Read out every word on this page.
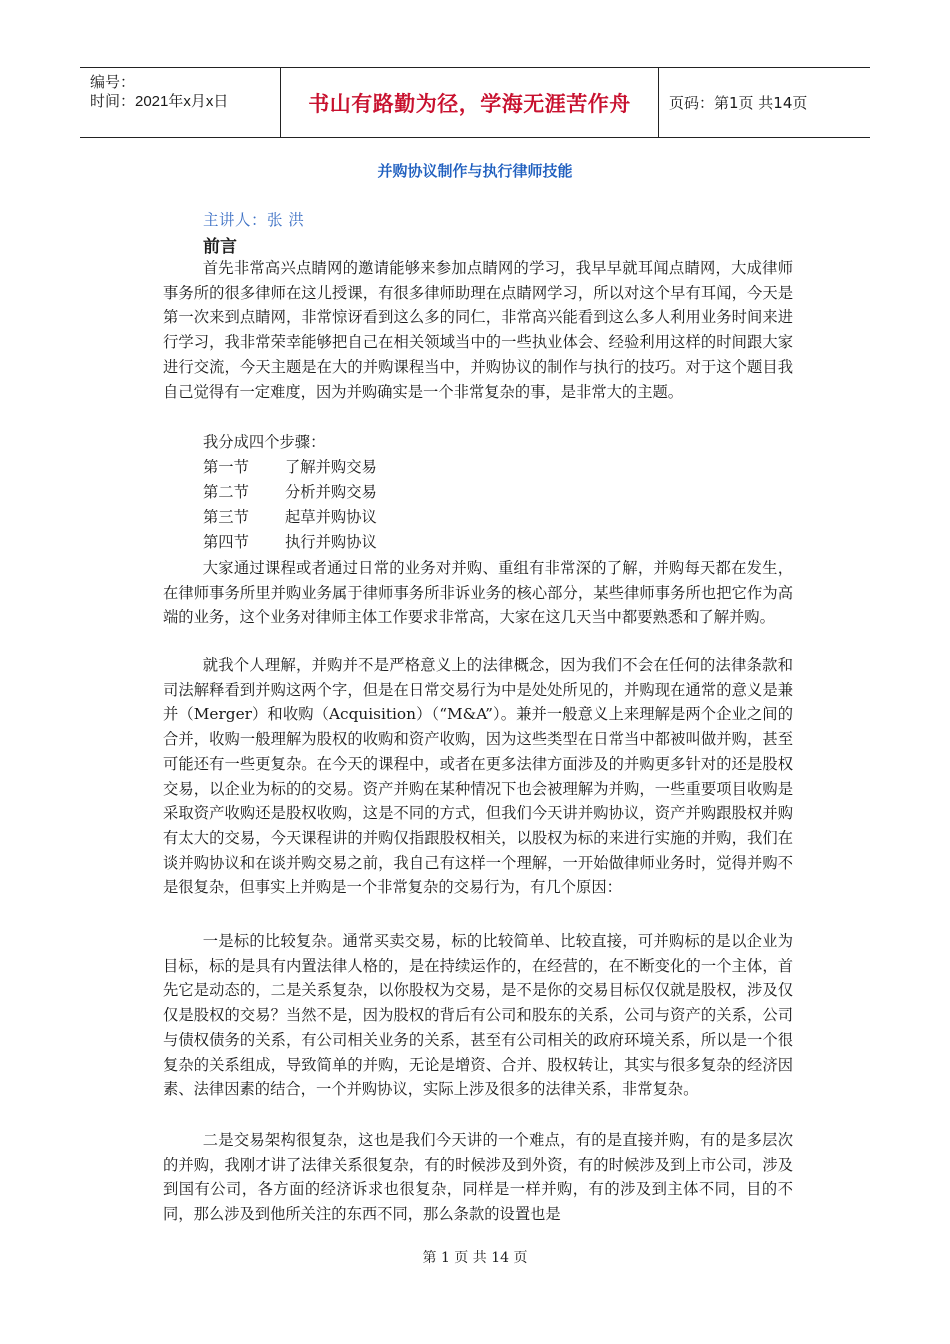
编号：
时间：2021年x月x日	书山有路勤为径，学海无涯苦作舟	页码：第1页 共14页
并购协议制作与执行律师技能
主讲人：张 洪
前言

首先非常高兴点睛网的邀请能够来参加点睛网的学习，我早早就耳闻点睛网，大成律师事务所的很多律师在这儿授课，有很多律师助理在点睛网学习，所以对这个早有耳闻，今天是第一次来到点睛网，非常惊讶看到这么多的同仁，非常高兴能看到这么多人利用业务时间来进行学习，我非常荣幸能够把自己在相关领域当中的一些执业体会、经验利用这样的时间跟大家进行交流，今天主题是在大的并购课程当中，并购协议的制作与执行的技巧。对于这个题目我自己觉得有一定难度，因为并购确实是一个非常复杂的事，是非常大的主题。

我分成四个步骤：
第一节 了解并购交易
第二节 分析并购交易
第三节 起草并购协议
第四节 执行并购协议

大家通过课程或者通过日常的业务对并购、重组有非常深的了解，并购每天都在发生，在律师事务所里并购业务属于律师事务所非诉业务的核心部分，某些律师事务所也把它作为高端的业务，这个业务对律师主体工作要求非常高，大家在这几天当中都要熟悉和了解并购。

就我个人理解，并购并不是严格意义上的法律概念，因为我们不会在任何的法律条款和司法解释看到并购这两个字，但是在日常交易行为中是处处所见的，并购现在通常的意义是兼并（Merger）和收购（Acquisition）（“M&A”）。兼并一般意义上来理解是两个企业之间的合并，收购一般理解为股权的收购和资产收购，因为这些类型在日常当中都被叫做并购，甚至可能还有一些更复杂。在今天的课程中，或者在更多法律方面涉及的并购更多针对的还是股权交易，以企业为标的的交易。资产并购在某种情况下也会被理解为并购，一些重要项目收购是采取资产收购还是股权收购，这是不同的方式，但我们今天讲并购协议，资产并购跟股权并购有太大的交易，今天课程讲的并购仅指跟股权相关，以股权为标的来进行实施的并购，我们在谈并购协议和在谈并购交易之前，我自己有这样一个理解，一开始做律师业务时，觉得并购不是很复杂，但事实上并购是一个非常复杂的交易行为，有几个原因：

一是标的比较复杂。通常买卖交易，标的比较简单、比较直接，可并购标的是以企业为目标，标的是具有内置法律人格的，是在持续运作的，在经营的，在不断变化的一个主体，首先它是动态的，二是关系复杂，以你股权为交易，是不是你的交易目标仅仅就是股权，涉及仅仅是股权的交易？当然不是，因为股权的背后有公司和股东的关系，公司与资产的关系，公司与债权债务的关系，有公司相关业务的关系，甚至有公司相关的政府环境关系，所以是一个很复杂的关系组成，导致简单的并购，无论是增资、合并、股权转让，其实与很多复杂的经济因素、法律因素的结合，一个并购协议，实际上涉及很多的法律关系，非常复杂。

二是交易架构很复杂，这也是我们今天讲的一个难点，有的是直接并购，有的是多层次的并购，我刚才讲了法律关系很复杂，有的时候涉及到外资，有的时候涉及到上市公司，涉及到国有公司，各方面的经济诉求也很复杂，同样是一样并购，有的涉及到主体不同，目的不同，那么涉及到他所关注的东西不同，那么条款的设置也是

第 1 页 共 14 页
